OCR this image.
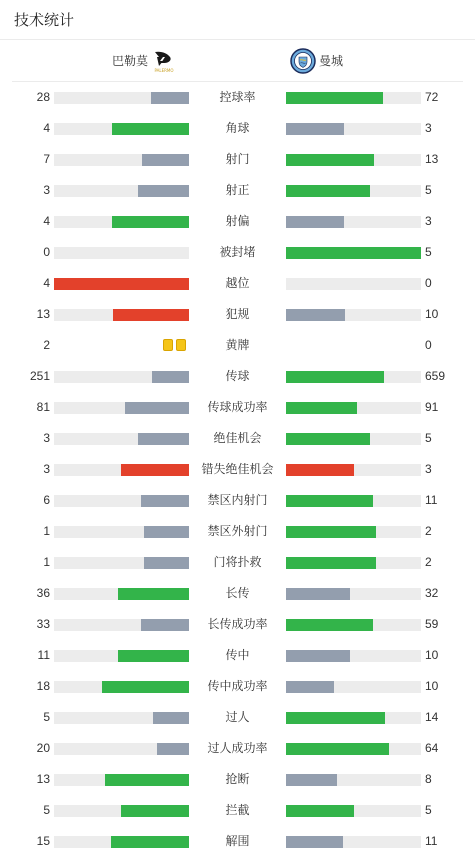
技术统计
巴勒莫
PALERMO
曼城
28	控球率	72
4	角球	3
7	射门	13
3	射正	5
4	射偏	3
0	被封堵	5
4	越位	0
13	犯规	10
2	黄牌	0
251	传球	659
81	传球成功率	91
3	绝佳机会	5
3	错失绝佳机会	3
6	禁区内射门	11
1	禁区外射门	2
1	门将扑救	2
36	长传	32
33	长传成功率	59
11	传中	10
18	传中成功率	10
5	过人	14
20	过人成功率	64
13	抢断	8
5	拦截	5
15	解围	11
